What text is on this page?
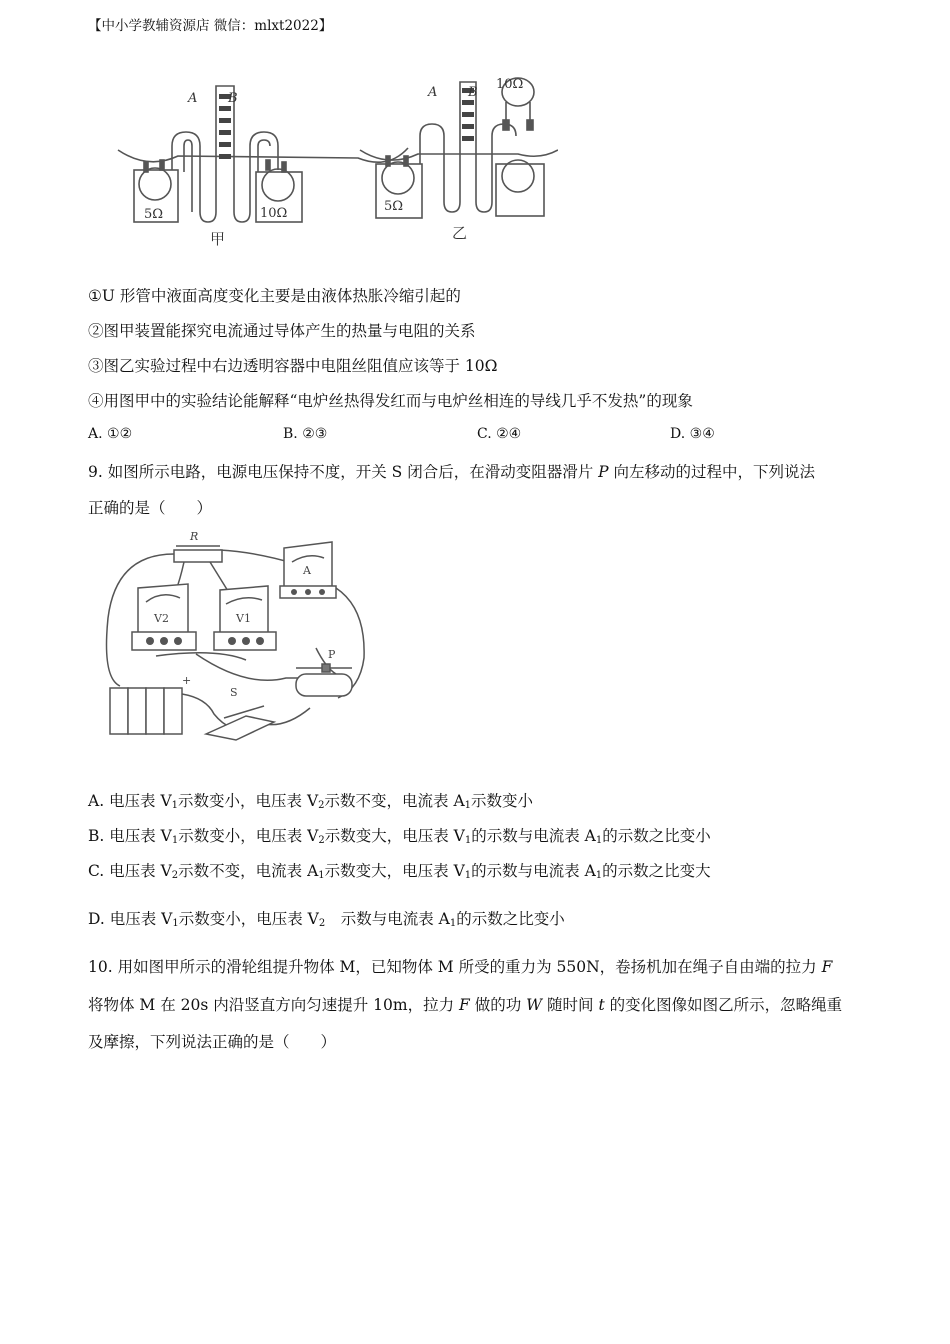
【中小学教辅资源店 微信：mlxt2022】
A B	A B
5Ω	10Ω
甲
10Ω
5Ω
乙
①U 形管中液面高度变化主要是由液体热胀冷缩引起的
②图甲装置能探究电流通过导体产生的热量与电阻的关系
③图乙实验过程中右边透明容器中电阻丝阻值应该等于 10Ω
④用图甲中的实验结论能解释“电炉丝热得发红而与电炉丝相连的导线几乎不发热”的现象
A. ①②	B. ②③	C. ②④	D. ③④
9. 如图所示电路，电源电压保持不度，开关 S 闭合后，在滑动变阻器滑片 P 向左移动的过程中，下列说法
正确的是（　　）
R
A
V2	V1
S
P
+
A. 电压表 $V_1$示数变小，电压表 $V_2$示数不变，电流表 $A_1$示数变小
B. 电压表 $V_1$示数变小，电压表 $V_2$示数变大，电压表 $V_1$的示数与电流表 $A_1$的示数之比变小
C. 电压表 $V_2$示数不变，电流表 $A_1$示数变大，电压表 $V_1$的示数与电流表 $A_1$的示数之比变大
D. 电压表 $V_1$示数变小，电压表 $V_2$　示数与电流表 $A_1$的示数之比变小
10. 用如图甲所示的滑轮组提升物体 M，已知物体 M 所受的重力为 550N，卷扬机加在绳子自由端的拉力 F
将物体 M 在 20s 内沿竖直方向匀速提升 10m，拉力 F 做的功 W 随时间 t 的变化图像如图乙所示，忽略绳重
及摩擦，下列说法正确的是（　　）
